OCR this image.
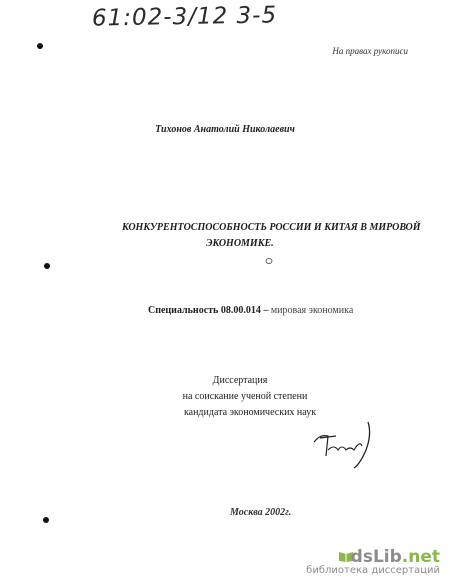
61:02-3/12 3-5
На правах рукописи
Тихонов Анатолий Николаевич
КОНКУРЕНТОСПОСОБНОСТЬ РОССИИ И КИТАЯ В МИРОВОЙ
ЭКОНОМИКЕ.
Специальность 08.00.014 – мировая экономика
Диссертация
на соискание ученой степени
кандидата экономических наук
Москва 2002г.
dsLib.net
библиотека диссертаций
